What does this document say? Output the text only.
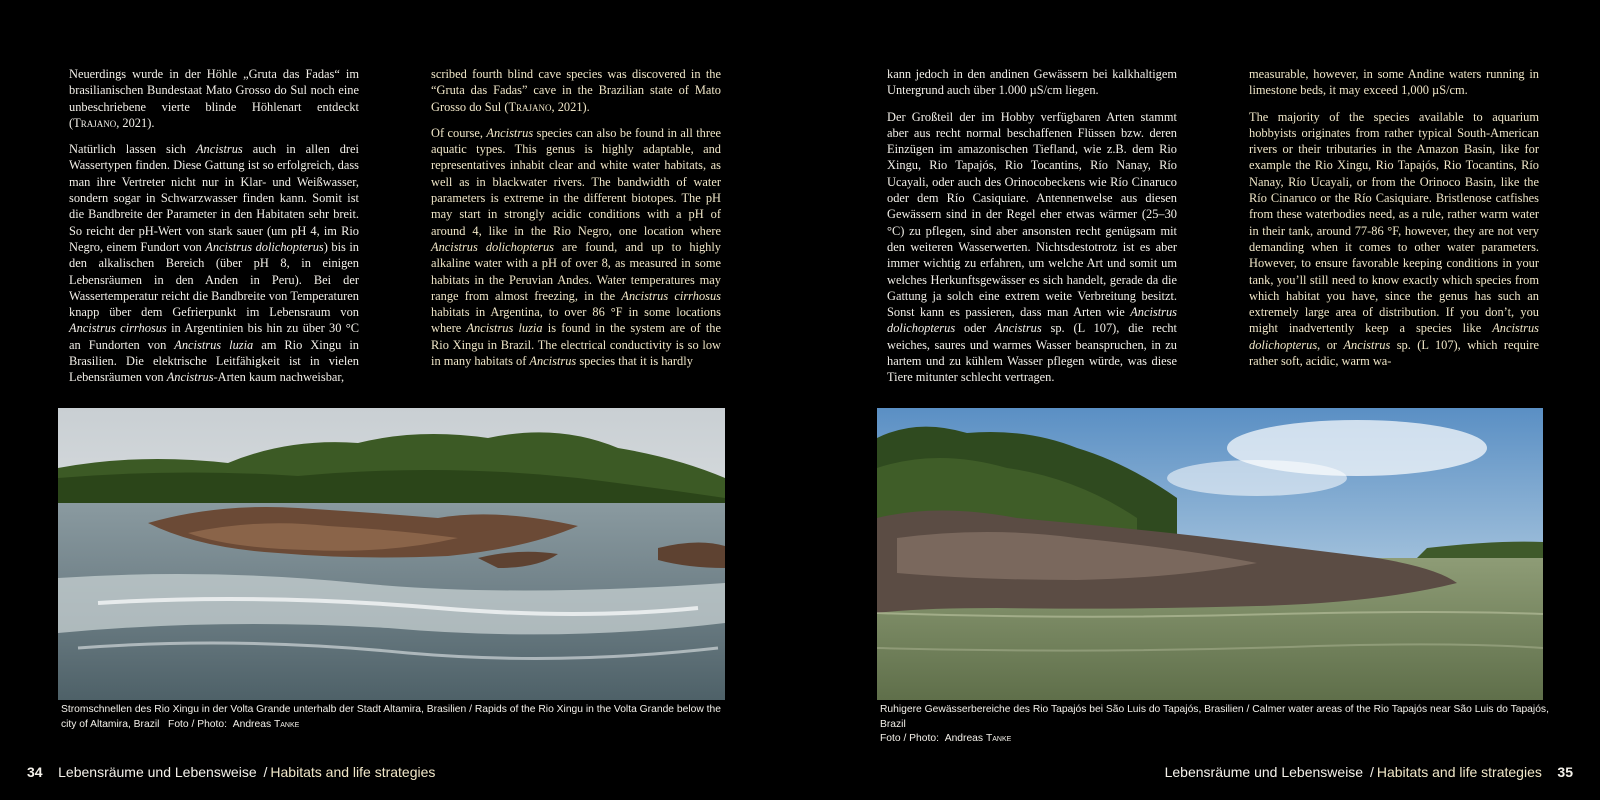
Neuerdings wurde in der Höhle „Gruta das Fadas“ im brasilianischen Bundestaat Mato Grosso do Sul noch eine unbeschriebene vierte blinde Höhlenart entdeckt (Trajano, 2021).

Natürlich lassen sich Ancistrus auch in allen drei Wassertypen finden. Diese Gattung ist so erfolgreich, dass man ihre Vertreter nicht nur in Klar- und Weißwasser, sondern sogar in Schwarzwasser finden kann. Somit ist die Bandbreite der Parameter in den Habitaten sehr breit. So reicht der pH-Wert von stark sauer (um pH 4, im Rio Negro, einem Fundort von Ancistrus dolichopterus) bis in den alkalischen Bereich (über pH 8, in einigen Lebensräumen in den Anden in Peru). Bei der Wassertemperatur reicht die Bandbreite von Temperaturen knapp über dem Gefrierpunkt im Lebensraum von Ancistrus cirrhosus in Argentinien bis hin zu über 30 °C an Fundorten von Ancistrus luzia am Rio Xingu in Brasilien. Die elektrische Leitfähigkeit ist in vielen Lebensräumen von Ancistrus-Arten kaum nachweisbar,

scribed fourth blind cave species was discovered in the “Gruta das Fadas” cave in the Brazilian state of Mato Grosso do Sul (Trajano, 2021).

Of course, Ancistrus species can also be found in all three aquatic types. This genus is highly adaptable, and representatives inhabit clear and white water habitats, as well as in blackwater rivers. The bandwidth of water parameters is extreme in the different biotopes. The pH may start in strongly acidic conditions with a pH of around 4, like in the Rio Negro, one location where Ancistrus dolichopterus are found, and up to highly alkaline water with a pH of over 8, as measured in some habitats in the Peruvian Andes. Water temperatures may range from almost freezing, in the Ancistrus cirrhosus habitats in Argentina, to over 86 °F in some locations where Ancistrus luzia is found in the system are of the Rio Xingu in Brazil. The electrical conductivity is so low in many habitats of Ancistrus species that it is hardly

Stromschnellen des Rio Xingu in der Volta Grande unterhalb der Stadt Altamira, Brasilien / Rapids of the Rio Xingu in the Volta Grande below the city of Altamira, Brazil Foto / Photo: Andreas Tanke
34 Lebensräume und Lebensweise / Habitats and life strategies

kann jedoch in den andinen Gewässern bei kalkhaltigem Untergrund auch über 1.000 µS/cm liegen.

Der Großteil der im Hobby verfügbaren Arten stammt aber aus recht normal beschaffenen Flüssen bzw. deren Einzügen im amazonischen Tiefland, wie z.B. dem Rio Xingu, Rio Tapajós, Rio Tocantins, Río Nanay, Río Ucayali, oder auch des Orinocobeckens wie Río Cinaruco oder dem Río Casiquiare. Antennenwelse aus diesen Gewässern sind in der Regel eher etwas wärmer (25–30 °C) zu pflegen, sind aber ansonsten recht genügsam mit den weiteren Wasserwerten. Nichtsdestotrotz ist es aber immer wichtig zu erfahren, um welche Art und somit um welches Herkunftsgewässer es sich handelt, gerade da die Gattung ja solch eine extrem weite Verbreitung besitzt. Sonst kann es passieren, dass man Arten wie Ancistrus dolichopterus oder Ancistrus sp. (L 107), die recht weiches, saures und warmes Wasser beanspruchen, in zu hartem und zu kühlem Wasser pflegen würde, was diese Tiere mitunter schlecht vertragen.

measurable, however, in some Andine waters running in limestone beds, it may exceed 1,000 µS/cm.

The majority of the species available to aquarium hobbyists originates from rather typical South-American rivers or their tributaries in the Amazon Basin, like for example the Rio Xingu, Rio Tapajós, Rio Tocantins, Río Nanay, Río Ucayali, or from the Orinoco Basin, like the Río Cinaruco or the Río Casiquiare. Bristlenose catfishes from these waterbodies need, as a rule, rather warm water in their tank, around 77-86 °F, however, they are not very demanding when it comes to other water parameters. However, to ensure favorable keeping conditions in your tank, you’ll still need to know exactly which species from which habitat you have, since the genus has such an extremely large area of distribution. If you don’t, you might inadvertently keep a species like Ancistrus dolichopterus, or Ancistrus sp. (L 107), which require rather soft, acidic, warm wa-

Ruhigere Gewässerbereiche des Rio Tapajós bei São Luis do Tapajós, Brasilien / Calmer water areas of the Rio Tapajós near São Luis do Tapajós, Brazil
Foto / Photo: Andreas Tanke
Lebensräume und Lebensweise / Habitats and life strategies 35
